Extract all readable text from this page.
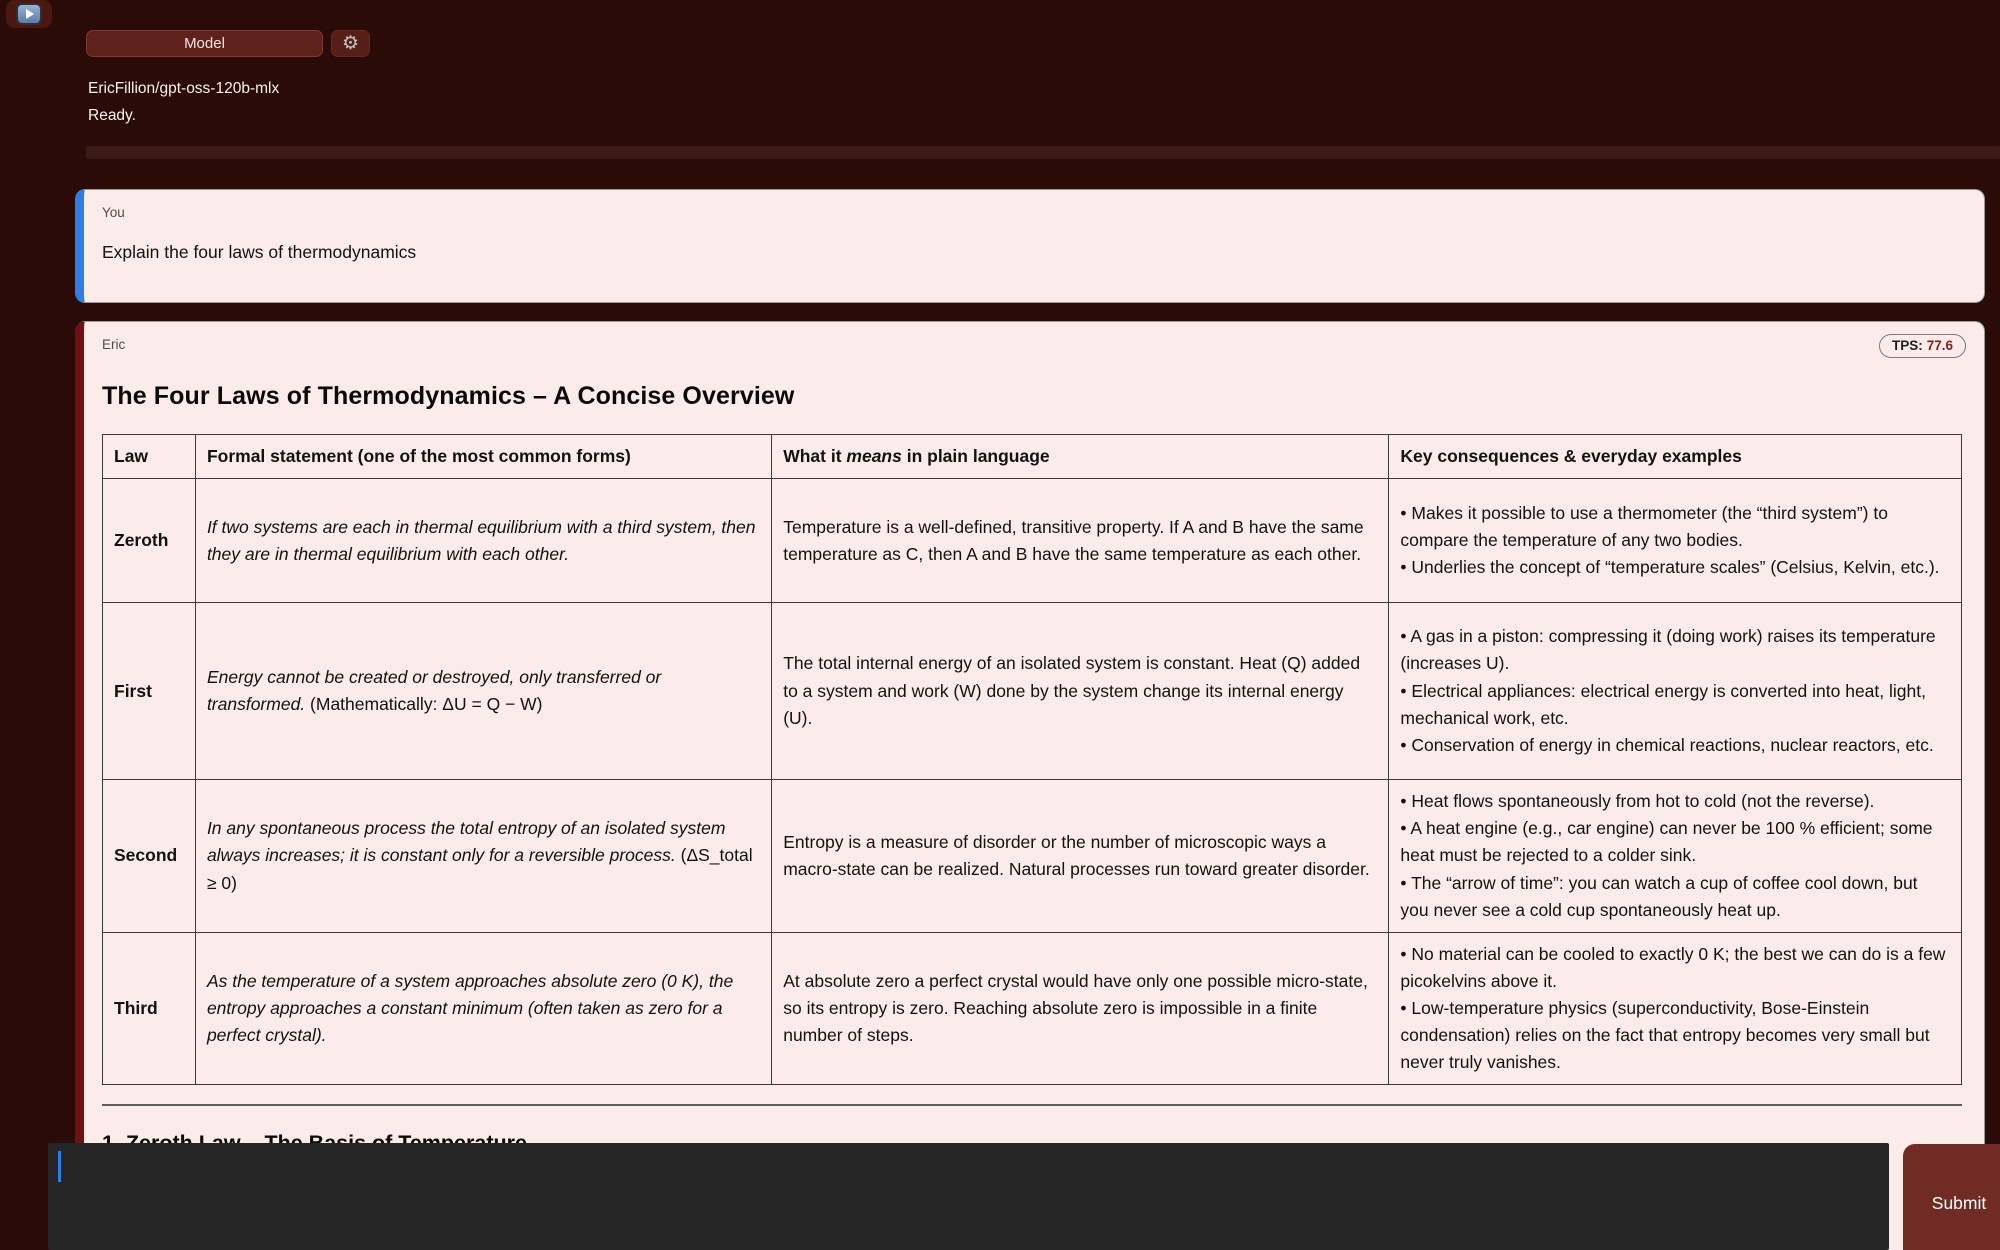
Model	⚙
EricFillion/gpt-oss-120b-mlx
Ready.
You
Explain the four laws of thermodynamics
TPS: 77.6
Eric
The Four Laws of Thermodynamics – A Concise Overview
Law	Formal statement (one of the most common forms)	What it means in plain language	Key consequences & everyday examples
Zeroth	If two systems are each in thermal equilibrium with a third system, then they are in thermal equilibrium with each other.	Temperature is a well-defined, transitive property. If A and B have the same temperature as C, then A and B have the same temperature as each other.	• Makes it possible to use a thermometer (the “third system”) to compare the temperature of any two bodies.
• Underlies the concept of “temperature scales” (Celsius, Kelvin, etc.).

First	Energy cannot be created or destroyed, only transferred or transformed. (Mathematically: ΔU = Q − W)	The total internal energy of an isolated system is constant. Heat (Q) added to a system and work (W) done by the system change its internal energy (U).	• A gas in a piston: compressing it (doing work) raises its temperature (increases U).
• Electrical appliances: electrical energy is converted into heat, light, mechanical work, etc.
• Conservation of energy in chemical reactions, nuclear reactors, etc.

Second	In any spontaneous process the total entropy of an isolated system always increases; it is constant only for a reversible process. (ΔS_total ≥ 0)	Entropy is a measure of disorder or the number of microscopic ways a macro-state can be realized. Natural processes run toward greater disorder.	• Heat flows spontaneously from hot to cold (not the reverse).
• A heat engine (e.g., car engine) can never be 100 % efficient; some heat must be rejected to a colder sink.
• The “arrow of time”: you can watch a cup of coffee cool down, but you never see a cold cup spontaneously heat up.

Third	As the temperature of a system approaches absolute zero (0 K), the entropy approaches a constant minimum (often taken as zero for a perfect crystal).	At absolute zero a perfect crystal would have only one possible micro-state, so its entropy is zero. Reaching absolute zero is impossible in a finite number of steps.	• No material can be cooled to exactly 0 K; the best we can do is a few picokelvins above it.
• Low-temperature physics (superconductivity, Bose-Einstein condensation) relies on the fact that entropy becomes very small but never truly vanishes.
Submit
